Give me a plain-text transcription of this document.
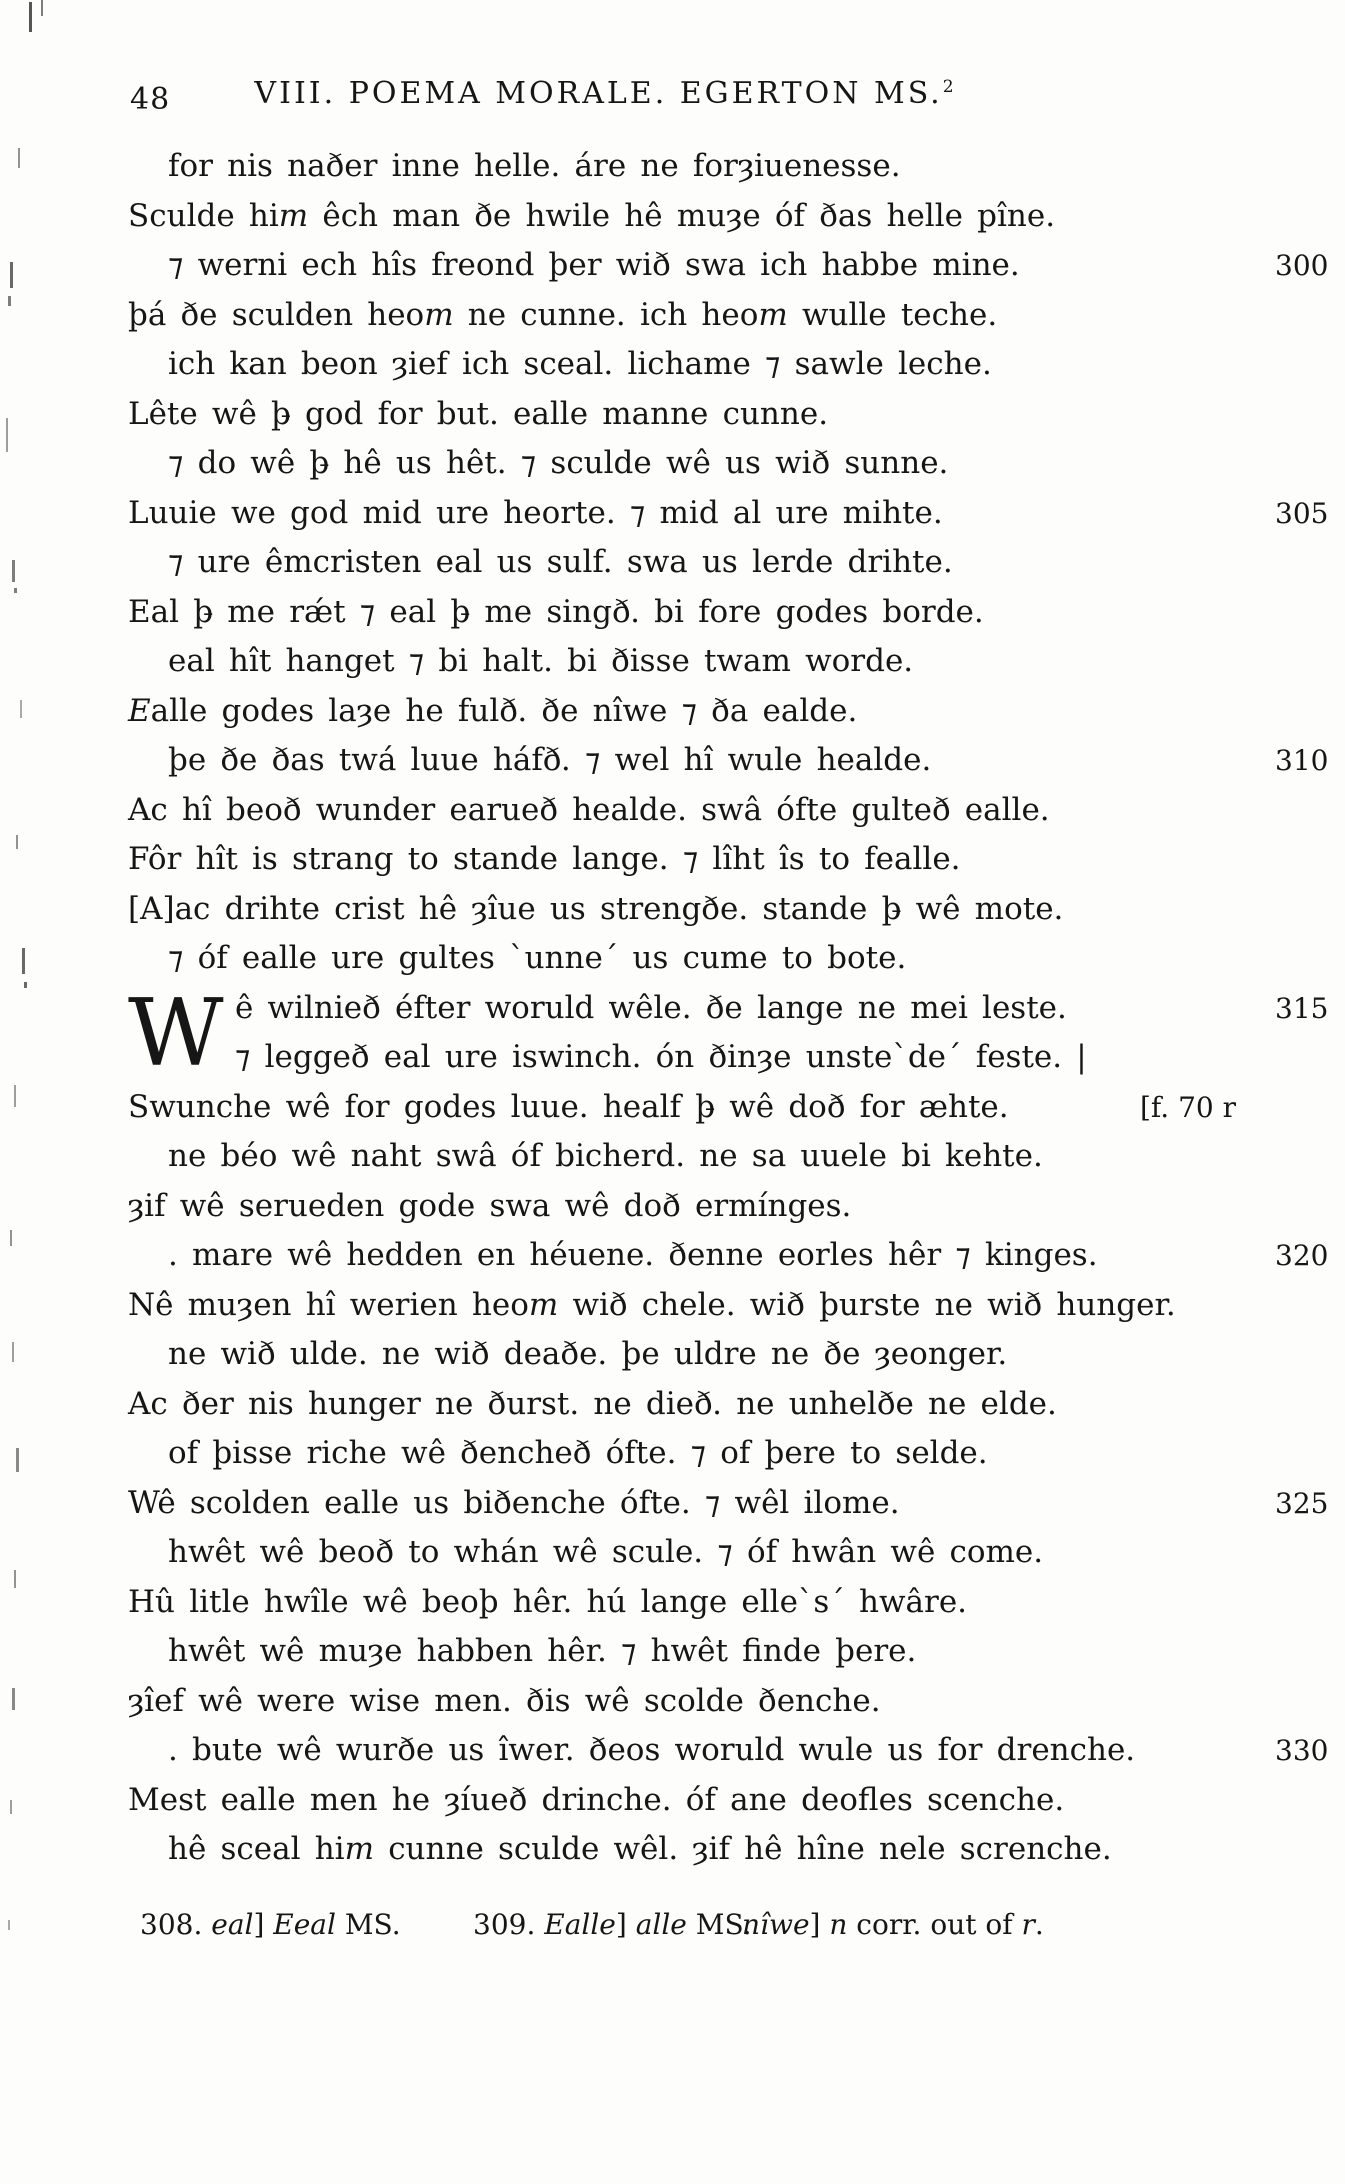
48	VIII. POEMA MORALE. EGERTON MS.$^2$
for nis naðer inne helle. áre ne forȝiuenesse.
Sculde him êch man ðe hwile hê muȝe óf ðas helle pîne.
⁊ werni ech hîs freond þer wið swa ich habbe mine.	300
þá ðe sculden heom ne cunne. ich heom wulle teche.
ich kan beon ȝief ich sceal. lichame ⁊ sawle leche.
Lête wê þ̵ god for but. ealle manne cunne.
⁊ do wê þ̵ hê us hêt. ⁊ sculde wê us wið sunne.
Luuie we god mid ure heorte. ⁊ mid al ure mihte.	305
⁊ ure êmcristen eal us sulf. swa us lerde drihte.
Eal þ̵ me rǽt ⁊ eal þ̵ me singð. bi fore godes borde.
eal hît hanget ⁊ bi halt. bi ðisse twam worde.
Ealle godes laȝe he fulð. ðe nîwe ⁊ ða ealde.
þe ðe ðas twá luue háfð. ⁊ wel hî wule healde.	310
Ac hî beoð wunder earueð healde. swâ ófte gulteð ealle.
Fôr hît is strang to stande lange. ⁊ lîht îs to fealle.
[A]ac drihte crist hê ȝîue us strengðe. stande þ̵ wê mote.
⁊ óf ealle ure gultes ˋunneˊ us cume to bote.
W ê wilnieð éfter woruld wêle. ðe lange ne mei leste.	315
⁊ leggeð eal ure iswinch. ón ðinȝe unsteˋdeˊ feste. |
Swunche wê for godes luue. healf þ̵ wê doð for æhte.	[f. 70 r
ne béo wê naht swâ óf bicherd. ne sa uuele bi kehte.
ȝif wê serueden gode swa wê doð ermínges.
. mare wê hedden en héuene. ðenne eorles hêr ⁊ kinges.	320
Nê muȝen hî werien heom wið chele. wið þurste ne wið hunger.
ne wið ulde. ne wið deaðe. þe uldre ne ðe ȝeonger.
Ac ðer nis hunger ne ðurst. ne dieð. ne unhelðe ne elde.
of þisse riche wê ðencheð ófte. ⁊ of þere to selde.
Wê scolden ealle us biðenche ófte. ⁊ wêl ilome.	325
hwêt wê beoð to whán wê scule. ⁊ óf hwân wê come.
Hû litle hwîle wê beoþ hêr. hú lange elleˋsˊ hwâre.
hwêt wê muȝe habben hêr. ⁊ hwêt finde þere.
ȝîef wê were wise men. ðis wê scolde ðenche.
. bute wê wurðe us îwer. ðeos woruld wule us for drenche.	330
Mest ealle men he ȝíueð drinche. óf ane deofles scenche.
hê sceal him cunne sculde wêl. ȝif hê hîne nele screnche.
308. eal] Eeal MS.	309. Ealle] alle MS.
nîwe] n corr. out of r.
